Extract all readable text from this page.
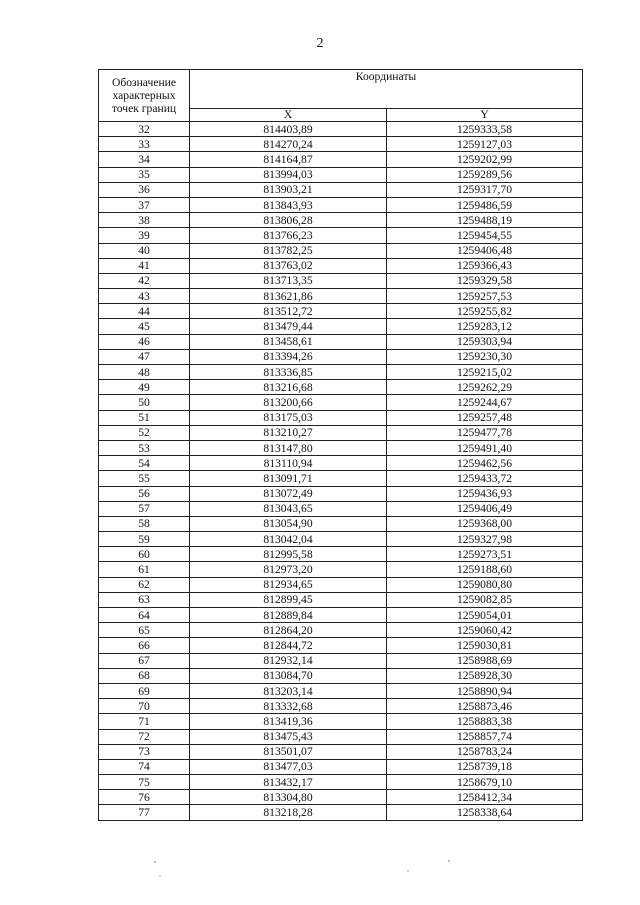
2
Обозначение
характерных
точек границ	Координаты	
	X	Y
32	814403,89	1259333,58
33	814270,24	1259127,03
34	814164,87	1259202,99
35	813994,03	1259289,56
36	813903,21	1259317,70
37	813843,93	1259486,59
38	813806,28	1259488,19
39	813766,23	1259454,55
40	813782,25	1259406,48
41	813763,02	1259366,43
42	813713,35	1259329,58
43	813621,86	1259257,53
44	813512,72	1259255,82
45	813479,44	1259283,12
46	813458,61	1259303,94
47	813394,26	1259230,30
48	813336,85	1259215,02
49	813216,68	1259262,29
50	813200,66	1259244,67
51	813175,03	1259257,48
52	813210,27	1259477,78
53	813147,80	1259491,40
54	813110,94	1259462,56
55	813091,71	1259433,72
56	813072,49	1259436,93
57	813043,65	1259406,49
58	813054,90	1259368,00
59	813042,04	1259327,98
60	812995,58	1259273,51
61	812973,20	1259188,60
62	812934,65	1259080,80
63	812899,45	1259082,85
64	812889,84	1259054,01
65	812864,20	1259060,42
66	812844,72	1259030,81
67	812932,14	1258988,69
68	813084,70	1258928,30
69	813203,14	1258890,94
70	813332,68	1258873,46
71	813419,36	1258883,38
72	813475,43	1258857,74
73	813501,07	1258783,24
74	813477,03	1258739,18
75	813432,17	1258679,10
76	813304,80	1258412,34
77	813218,28	1258338,64
